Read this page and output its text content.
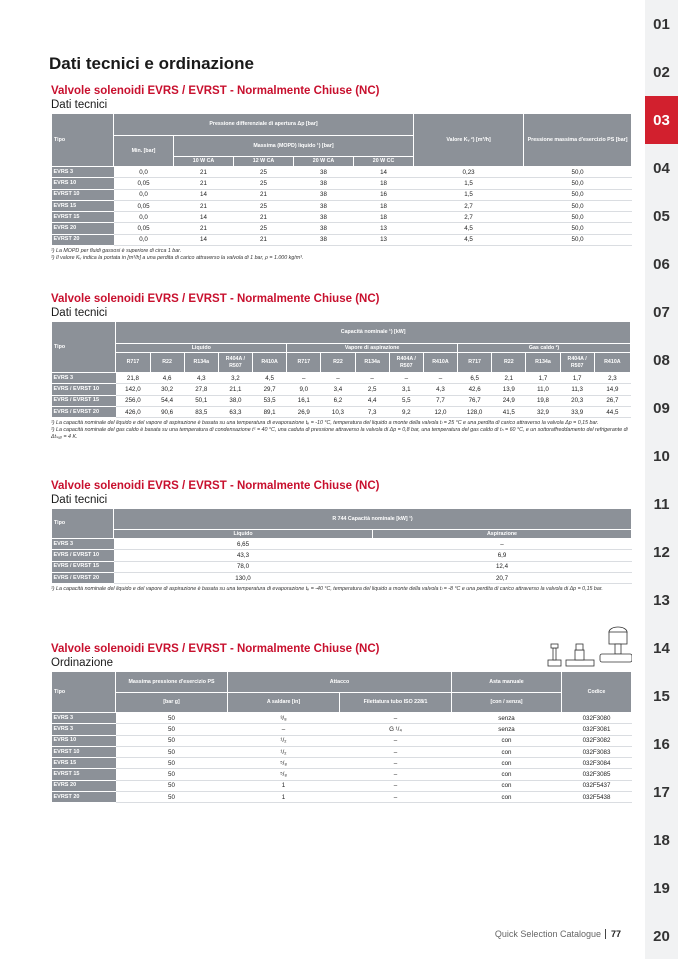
Dati tecnici e ordinazione
Valvole solenoidi EVRS / EVRST - Normalmente Chiuse (NC)
Dati tecnici
Tipo	Pressione differenziale di apertura Δp [bar]					Valore Kᵥ ²) [m³/h]	Pressione massima d'esercizio PS [bar]
	Min. [bar]	Massima (MOPD) liquido ¹) [bar]					
		10 W CA	12 W CA	20 W CA	20 W CC		
EVRS 3	0,0	21	25	38	14	0,23	50,0
EVRS 10	0,05	21	25	38	18	1,5	50,0
EVRST 10	0,0	14	21	38	16	1,5	50,0
EVRS 15	0,05	21	25	38	18	2,7	50,0
EVRST 15	0,0	14	21	38	18	2,7	50,0
EVRS 20	0,05	21	25	38	13	4,5	50,0
EVRST 20	0,0	14	21	38	13	4,5	50,0
¹) La MOPD per fluidi gassosi è superiore di circa 1 bar.
²) Il valore Kᵥ indica la portata in [m³/h] a una perdita di carico attraverso la valvola di 1 bar, ρ = 1.000 kg/m³.
Valvole solenoidi EVRS / EVRST - Normalmente Chiuse (NC)
Dati tecnici
Tipo	Capacità nominale ¹) [kW]														
	Liquido					Vapore di aspirazione					Gas caldo ²)				
	R717	R22	R134a	R404A / R507	R410A	R717	R22	R134a	R404A / R507	R410A	R717	R22	R134a	R404A / R507	R410A
EVRS 3	21,8	4,6	4,3	3,2	4,5	–	–	–	–	–	6,5	2,1	1,7	1,7	2,3
EVRS / EVRST 10	142,0	30,2	27,8	21,1	29,7	9,0	3,4	2,5	3,1	4,3	42,6	13,9	11,0	11,3	14,9
EVRS / EVRST 15	256,0	54,4	50,1	38,0	53,5	16,1	6,2	4,4	5,5	7,7	76,7	24,9	19,8	20,3	26,7
EVRS / EVRST 20	426,0	90,6	83,5	63,3	89,1	26,9	10,3	7,3	9,2	12,0	128,0	41,5	32,9	33,9	44,5
¹) La capacità nominale del liquido e del vapore di aspirazione è basata su una temperatura di evaporazione tₑ = -10 °C, temperatura del liquido a monte della valvola tₗ = 25 °C e una perdita di carico attraverso la valvola Δp = 0,15 bar.
²) La capacità nominale del gas caldo è basata su una temperatura di condensazione tᶜ = 40 °C, una caduta di pressione attraverso la valvola di Δp = 0,8 bar, una temperatura del gas caldo di tₕ = 60 °C, e un sottoraffreddamento del refrigerante di Δtₛᵤᵦ = 4 K.
Valvole solenoidi EVRS / EVRST - Normalmente Chiuse (NC)
Dati tecnici
Tipo	R 744 Capacità nominale [kW] ¹)	
	Liquido	Aspirazione
EVRS 3	6,65	–
EVRS / EVRST 10	43,3	6,9
EVRS / EVRST 15	78,0	12,4
EVRS / EVRST 20	130,0	20,7
¹) La capacità nominale del liquido e del vapore di aspirazione è basata su una temperatura di evaporazione tₑ = -40 °C, temperatura del liquido a monte della valvola tₗ = -8 °C e una perdita di carico attraverso la valvola di Δp = 0,15 bar.
Valvole solenoidi EVRS / EVRST - Normalmente Chiuse (NC)
Ordinazione
Tipo	Massima pressione d'esercizio PS	Attacco		Asta manuale	Codice
	[bar g]	A saldare [in]	Filettatura tubo ISO 228/1	[con / senza]	
EVRS 3	50	³/₈	–	senza	032F3080
EVRS 3	50	–	G ¹/₄	senza	032F3081
EVRS 10	50	¹/₂	–	con	032F3082
EVRST 10	50	¹/₂	–	con	032F3083
EVRS 15	50	⁵/₈	–	con	032F3084
EVRST 15	50	⁵/₈	–	con	032F3085
EVRS 20	50	1	–	con	032F5437
EVRST 20	50	1	–	con	032F5438
01
02
03
04
05
06
07
08
09
10
11
12
13
14
15
16
17
18
19
20
Quick Selection Catalogue 77
